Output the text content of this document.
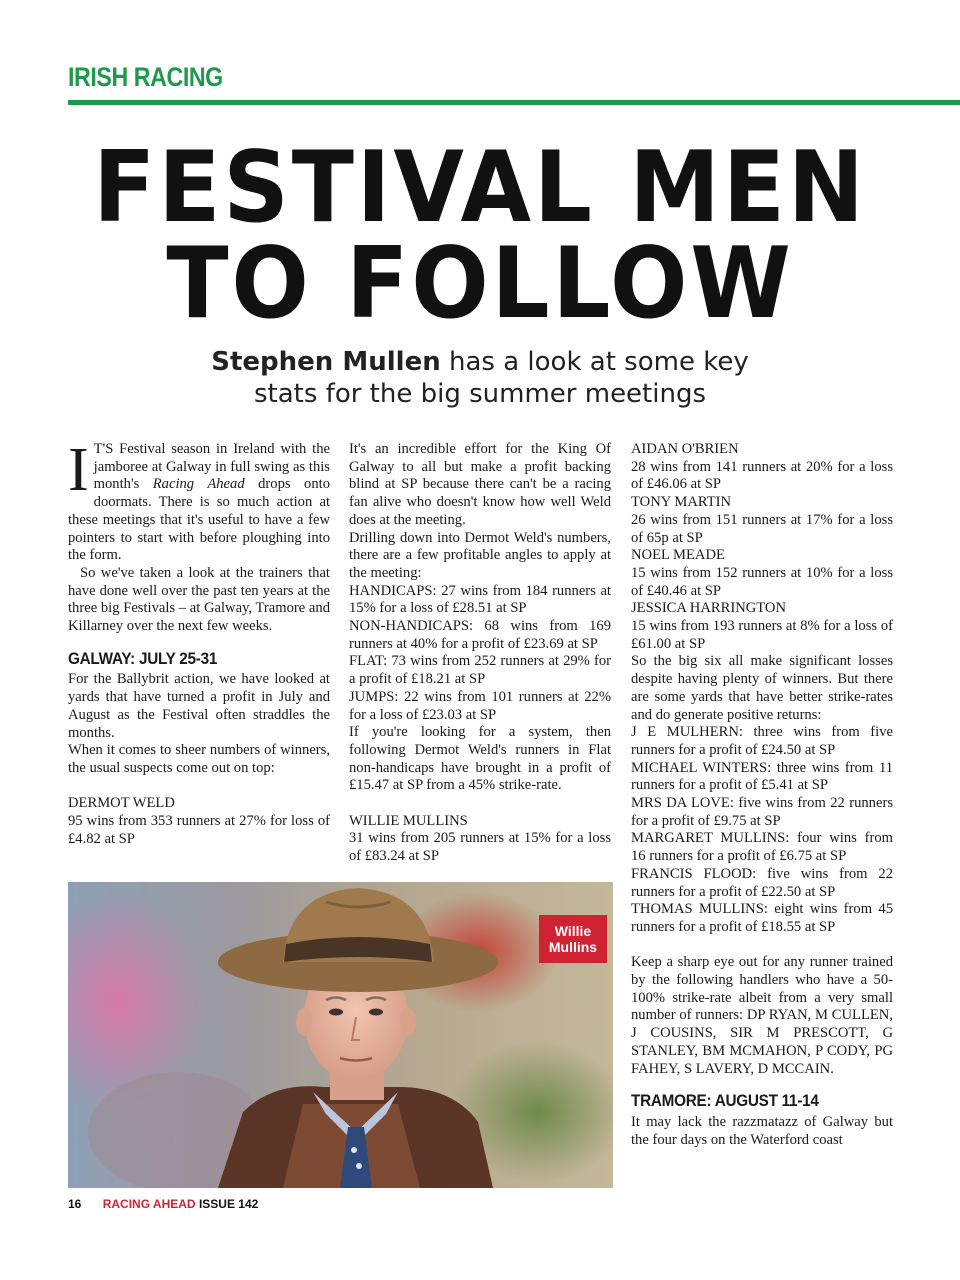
IRISH RACING
FESTIVAL MEN
TO FOLLOW
Stephen Mullen has a look at some key
stats for the big summer meetings

I T'S Festival season in Ireland with the jamboree at Galway in full swing as this month's Racing Ahead drops onto doormats. There is so much action at these meetings that it's useful to have a few pointers to start with before ploughing into the form.

So we've taken a look at the trainers that have done well over the past ten years at the three big Festivals – at Galway, Tramore and Killarney over the next few weeks.

GALWAY: JULY 25-31

For the Ballybrit action, we have looked at yards that have turned a profit in July and August as the Festival often straddles the months.

When it comes to sheer numbers of winners, the usual suspects come out on top:

DERMOT WELD

95 wins from 353 runners at 27% for loss of £4.82 at SP

It's an incredible effort for the King Of Galway to all but make a profit backing blind at SP because there can't be a racing fan alive who doesn't know how well Weld does at the meeting.

Drilling down into Dermot Weld's numbers, there are a few profitable angles to apply at the meeting:

HANDICAPS: 27 wins from 184 runners at 15% for a loss of £28.51 at SP

NON-HANDICAPS: 68 wins from 169 runners at 40% for a profit of £23.69 at SP

FLAT: 73 wins from 252 runners at 29% for a profit of £18.21 at SP

JUMPS: 22 wins from 101 runners at 22% for a loss of £23.03 at SP

If you're looking for a system, then following Dermot Weld's runners in Flat non-handicaps have brought in a profit of £15.47 at SP from a 45% strike-rate.

WILLIE MULLINS

31 wins from 205 runners at 15% for a loss of £83.24 at SP

AIDAN O'BRIEN

28 wins from 141 runners at 20% for a loss of £46.06 at SP

TONY MARTIN

26 wins from 151 runners at 17% for a loss of 65p at SP

NOEL MEADE

15 wins from 152 runners at 10% for a loss of £40.46 at SP

JESSICA HARRINGTON

15 wins from 193 runners at 8% for a loss of £61.00 at SP

So the big six all make significant losses despite having plenty of winners. But there are some yards that have better strike-rates and do generate positive returns:

J E MULHERN: three wins from five runners for a profit of £24.50 at SP

MICHAEL WINTERS: three wins from 11 runners for a profit of £5.41 at SP

MRS DA LOVE: five wins from 22 runners for a profit of £9.75 at SP

MARGARET MULLINS: four wins from 16 runners for a profit of £6.75 at SP

FRANCIS FLOOD: five wins from 22 runners for a profit of £22.50 at SP

THOMAS MULLINS: eight wins from 45 runners for a profit of £18.55 at SP

Keep a sharp eye out for any runner trained by the following handlers who have a 50-100% strike-rate albeit from a very small number of runners: DP RYAN, M CULLEN, J COUSINS, SIR M PRESCOTT, G STANLEY, BM MCMAHON, P CODY, PG FAHEY, S LAVERY, D MCCAIN.

TRAMORE: AUGUST 11-14

It may lack the razzmatazz of Galway but the four days on the Waterford coast

Willie Mullins
16 RACING AHEAD ISSUE 142
